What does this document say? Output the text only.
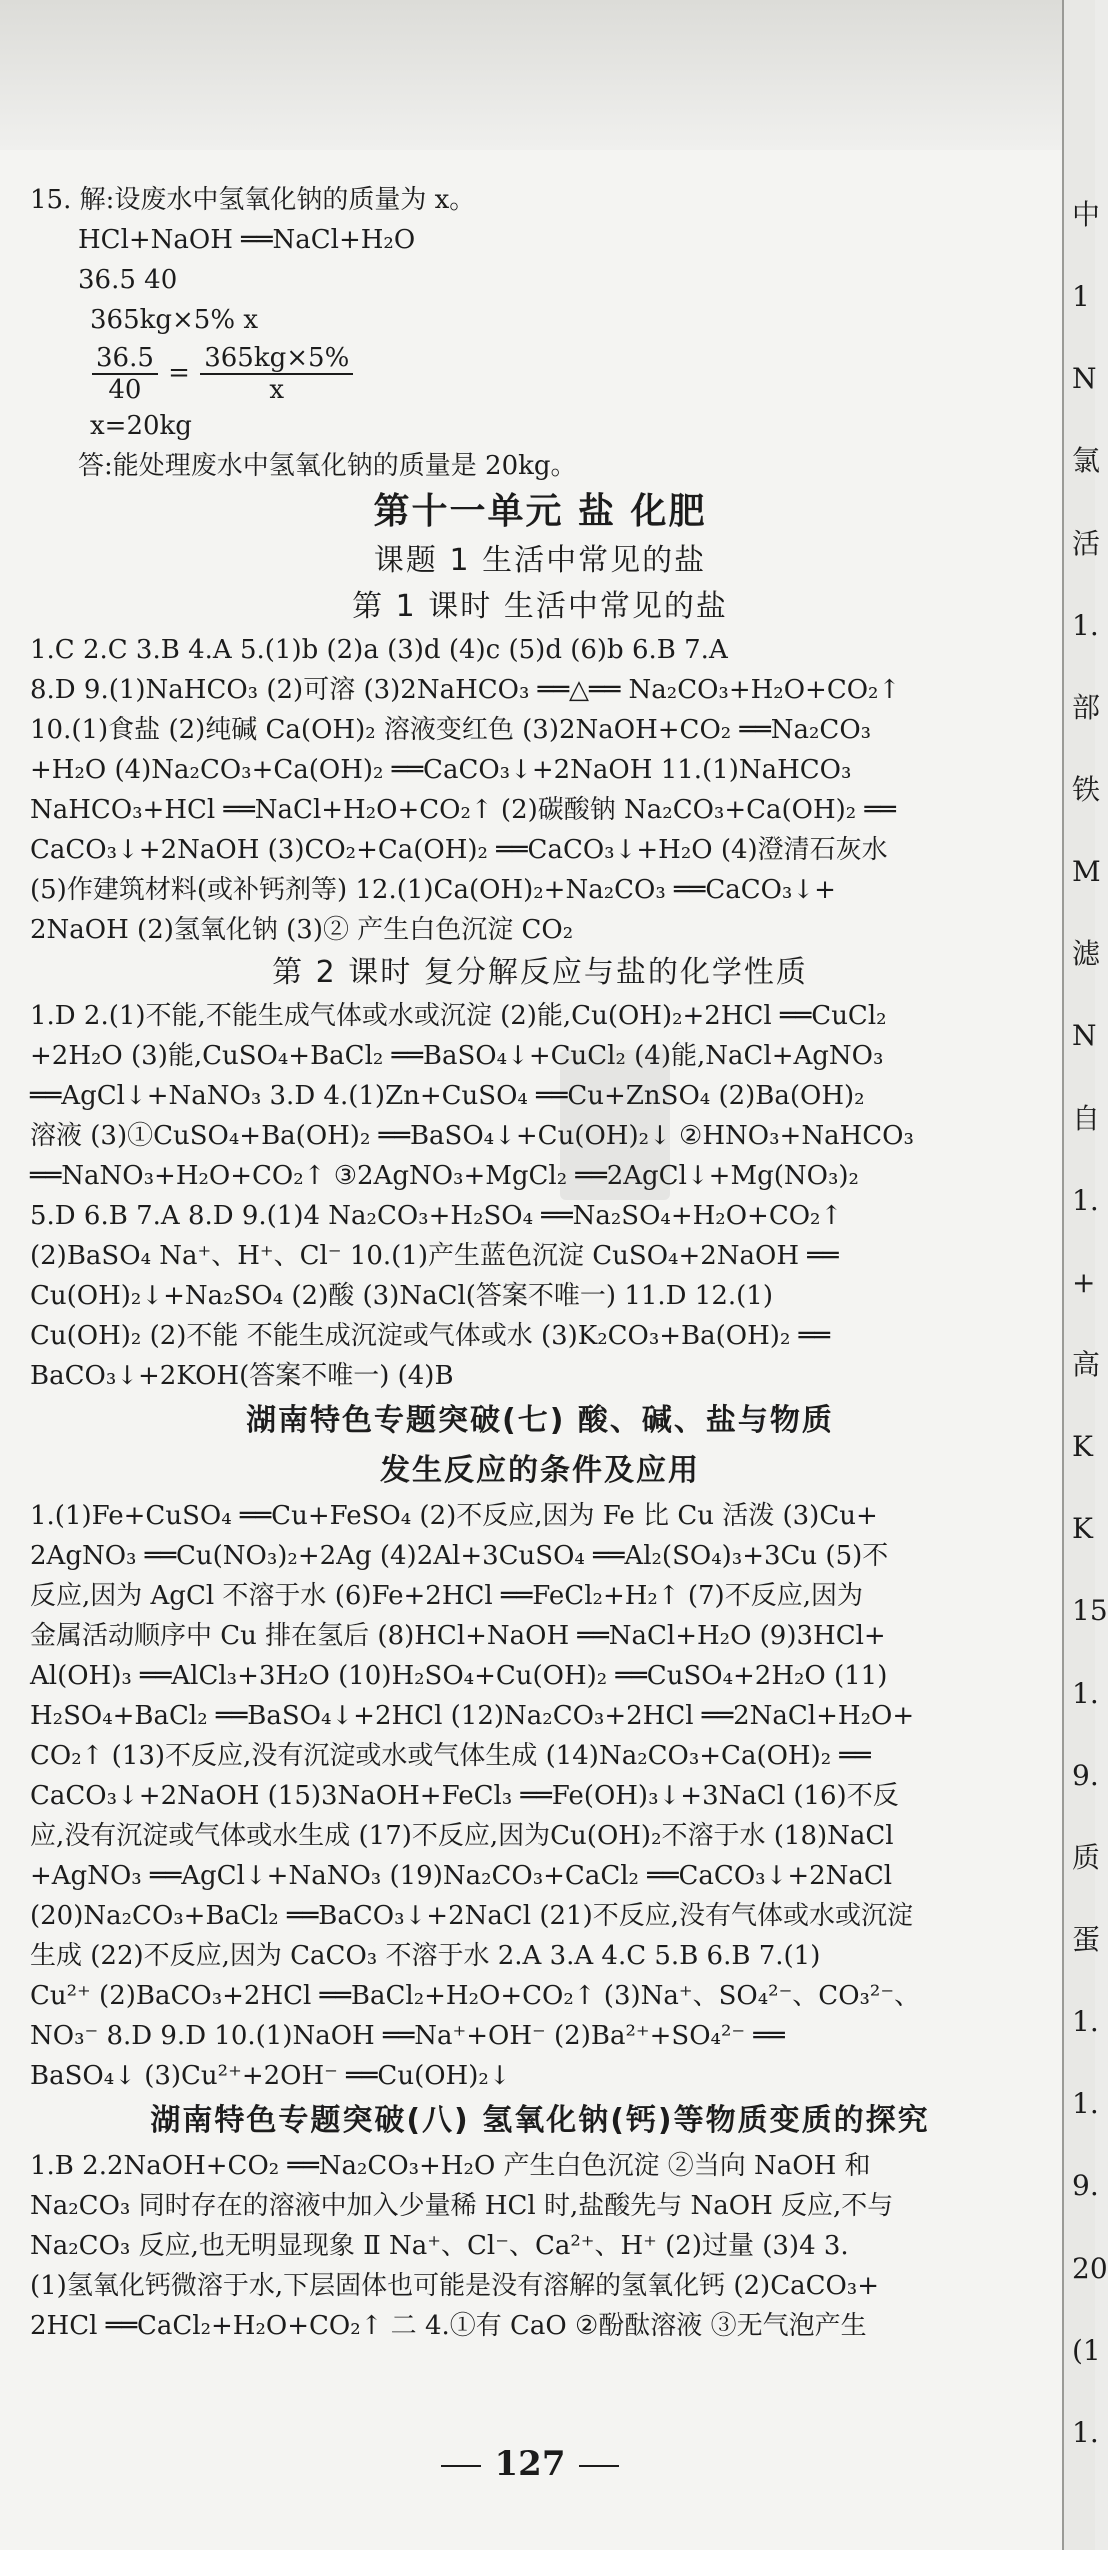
中
1
N
氯
活
1.
部
铁
M
滤
N
自
1.
+
高
K
K
15
1.
9.
质
蛋
1.
1.
9.
20
(1
1.
15. 解:设废水中氢氧化钠的质量为 x。
HCl+NaOH ══NaCl+H₂O
36.5 40
365kg×5% x
$\frac{36.5}{40} = \frac{365kg\times 5\%}{x}$
x=20kg
答:能处理废水中氢氧化钠的质量是 20kg。
第十一单元 盐 化肥
课题 1 生活中常见的盐
第 1 课时 生活中常见的盐
1.C 2.C 3.B 4.A 5.(1)b (2)a (3)d (4)c (5)d (6)b 6.B 7.A
8.D 9.(1)NaHCO₃ (2)可溶 (3)2NaHCO₃ ══△══ Na₂CO₃+H₂O+CO₂↑
10.(1)食盐 (2)纯碱 Ca(OH)₂ 溶液变红色 (3)2NaOH+CO₂ ══Na₂CO₃
+H₂O (4)Na₂CO₃+Ca(OH)₂ ══CaCO₃↓+2NaOH 11.(1)NaHCO₃
NaHCO₃+HCl ══NaCl+H₂O+CO₂↑ (2)碳酸钠 Na₂CO₃+Ca(OH)₂ ══
CaCO₃↓+2NaOH (3)CO₂+Ca(OH)₂ ══CaCO₃↓+H₂O (4)澄清石灰水
(5)作建筑材料(或补钙剂等) 12.(1)Ca(OH)₂+Na₂CO₃ ══CaCO₃↓+
2NaOH (2)氢氧化钠 (3)② 产生白色沉淀 CO₂
第 2 课时 复分解反应与盐的化学性质
1.D 2.(1)不能,不能生成气体或水或沉淀 (2)能,Cu(OH)₂+2HCl ══CuCl₂
+2H₂O (3)能,CuSO₄+BaCl₂ ══BaSO₄↓+CuCl₂ (4)能,NaCl+AgNO₃
══AgCl↓+NaNO₃ 3.D 4.(1)Zn+CuSO₄ ══Cu+ZnSO₄ (2)Ba(OH)₂
溶液 (3)①CuSO₄+Ba(OH)₂ ══BaSO₄↓+Cu(OH)₂↓ ②HNO₃+NaHCO₃
══NaNO₃+H₂O+CO₂↑ ③2AgNO₃+MgCl₂ ══2AgCl↓+Mg(NO₃)₂
5.D 6.B 7.A 8.D 9.(1)4 Na₂CO₃+H₂SO₄ ══Na₂SO₄+H₂O+CO₂↑
(2)BaSO₄ Na⁺、H⁺、Cl⁻ 10.(1)产生蓝色沉淀 CuSO₄+2NaOH ══
Cu(OH)₂↓+Na₂SO₄ (2)酸 (3)NaCl(答案不唯一) 11.D 12.(1)
Cu(OH)₂ (2)不能 不能生成沉淀或气体或水 (3)K₂CO₃+Ba(OH)₂ ══
BaCO₃↓+2KOH(答案不唯一) (4)B
湖南特色专题突破(七) 酸、碱、盐与物质
发生反应的条件及应用
1.(1)Fe+CuSO₄ ══Cu+FeSO₄ (2)不反应,因为 Fe 比 Cu 活泼 (3)Cu+
2AgNO₃ ══Cu(NO₃)₂+2Ag (4)2Al+3CuSO₄ ══Al₂(SO₄)₃+3Cu (5)不
反应,因为 AgCl 不溶于水 (6)Fe+2HCl ══FeCl₂+H₂↑ (7)不反应,因为
金属活动顺序中 Cu 排在氢后 (8)HCl+NaOH ══NaCl+H₂O (9)3HCl+
Al(OH)₃ ══AlCl₃+3H₂O (10)H₂SO₄+Cu(OH)₂ ══CuSO₄+2H₂O (11)
H₂SO₄+BaCl₂ ══BaSO₄↓+2HCl (12)Na₂CO₃+2HCl ══2NaCl+H₂O+
CO₂↑ (13)不反应,没有沉淀或水或气体生成 (14)Na₂CO₃+Ca(OH)₂ ══
CaCO₃↓+2NaOH (15)3NaOH+FeCl₃ ══Fe(OH)₃↓+3NaCl (16)不反
应,没有沉淀或气体或水生成 (17)不反应,因为Cu(OH)₂不溶于水 (18)NaCl
+AgNO₃ ══AgCl↓+NaNO₃ (19)Na₂CO₃+CaCl₂ ══CaCO₃↓+2NaCl
(20)Na₂CO₃+BaCl₂ ══BaCO₃↓+2NaCl (21)不反应,没有气体或水或沉淀
生成 (22)不反应,因为 CaCO₃ 不溶于水 2.A 3.A 4.C 5.B 6.B 7.(1)
Cu²⁺ (2)BaCO₃+2HCl ══BaCl₂+H₂O+CO₂↑ (3)Na⁺、SO₄²⁻、CO₃²⁻、
NO₃⁻ 8.D 9.D 10.(1)NaOH ══Na⁺+OH⁻ (2)Ba²⁺+SO₄²⁻ ══
BaSO₄↓ (3)Cu²⁺+2OH⁻ ══Cu(OH)₂↓
湖南特色专题突破(八) 氢氧化钠(钙)等物质变质的探究
1.B 2.2NaOH+CO₂ ══Na₂CO₃+H₂O 产生白色沉淀 ②当向 NaOH 和
Na₂CO₃ 同时存在的溶液中加入少量稀 HCl 时,盐酸先与 NaOH 反应,不与
Na₂CO₃ 反应,也无明显现象 Ⅱ Na⁺、Cl⁻、Ca²⁺、H⁺ (2)过量 (3)4 3.
(1)氢氧化钙微溶于水,下层固体也可能是没有溶解的氢氧化钙 (2)CaCO₃+
2HCl ══CaCl₂+H₂O+CO₂↑ 二 4.①有 CaO ②酚酞溶液 ③无气泡产生
127
